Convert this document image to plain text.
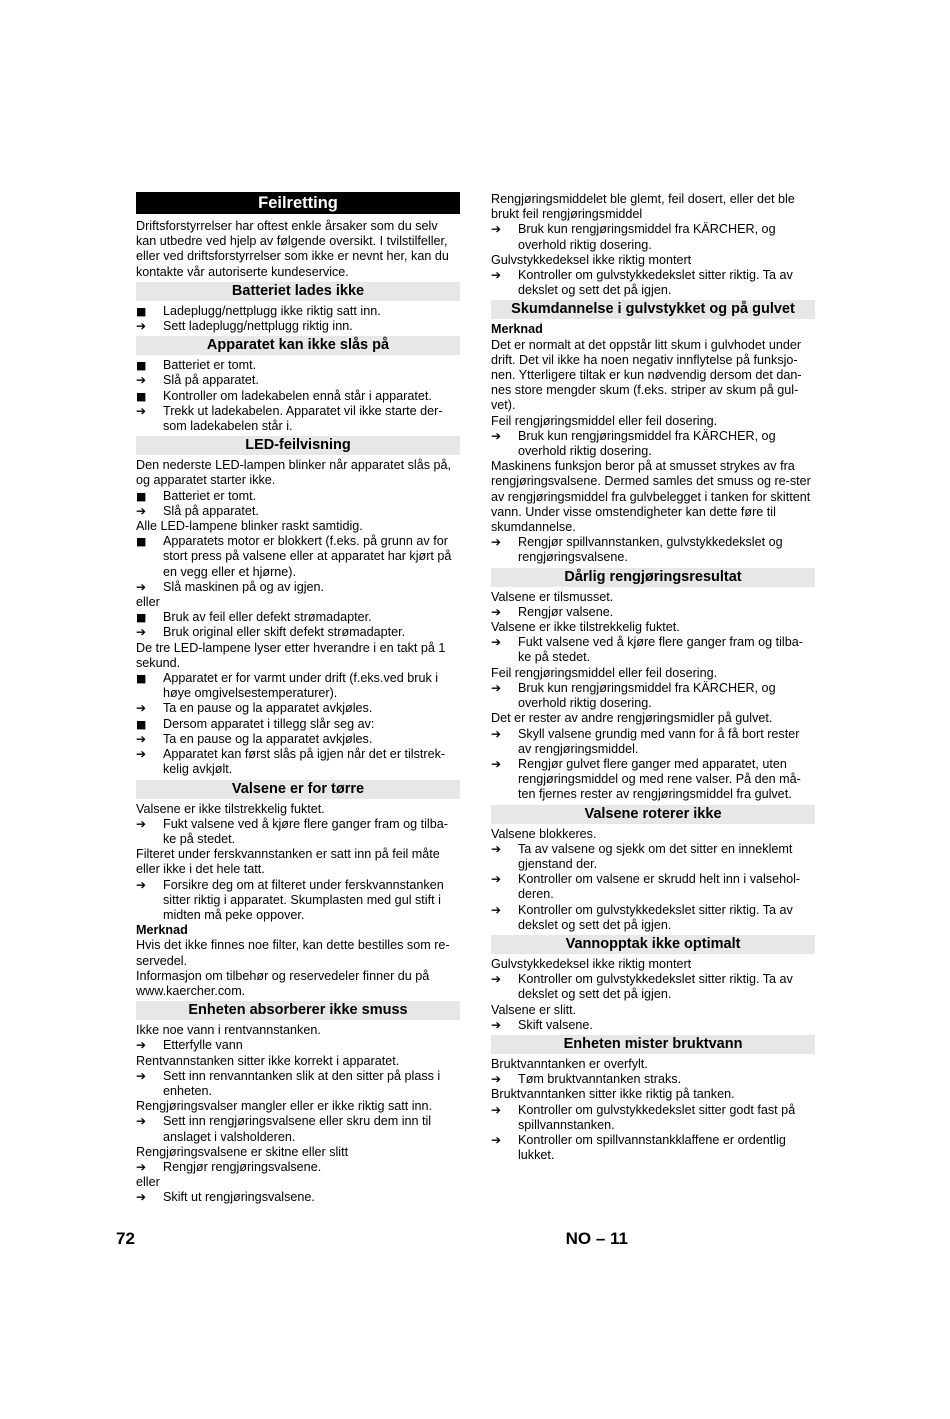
Feilretting
Driftsforstyrrelser har oftest enkle årsaker som du selv kan utbedre ved hjelp av følgende oversikt. I tvilstilfeller, eller ved driftsforstyrrelser som ikke er nevnt her, kan du kontakte vår autoriserte kundeservice.
Batteriet lades ikke
■	Ladeplugg/nettplugg ikke riktig satt inn.
➔	Sett ladeplugg/nettplugg riktig inn.
Apparatet kan ikke slås på
■	Batteriet er tomt.
➔	Slå på apparatet.
■	Kontroller om ladekabelen ennå står i apparatet.
➔	Trekk ut ladekabelen. Apparatet vil ikke starte der-som ladekabelen står i.
LED-feilvisning
Den nederste LED-lampen blinker når apparatet slås på, og apparatet starter ikke.
■	Batteriet er tomt.
➔	Slå på apparatet.
Alle LED-lampene blinker raskt samtidig.
■	Apparatets motor er blokkert (f.eks. på grunn av for stort press på valsene eller at apparatet har kjørt på en vegg eller et hjørne).
➔	Slå maskinen på og av igjen.
eller
■	Bruk av feil eller defekt strømadapter.
➔	Bruk original eller skift defekt strømadapter.
De tre LED-lampene lyser etter hverandre i en takt på 1 sekund.
■	Apparatet er for varmt under drift (f.eks.ved bruk i høye omgivelsestemperaturer).
➔	Ta en pause og la apparatet avkjøles.
■	Dersom apparatet i tillegg slår seg av:
➔	Ta en pause og la apparatet avkjøles.
➔	Apparatet kan først slås på igjen når det er tilstrek-kelig avkjølt.
Valsene er for tørre
Valsene er ikke tilstrekkelig fuktet.
➔	Fukt valsene ved å kjøre flere ganger fram og tilba-ke på stedet.
Filteret under ferskvannstanken er satt inn på feil måte eller ikke i det hele tatt.
➔	Forsikre deg om at filteret under ferskvannstanken sitter riktig i apparatet. Skumplasten med gul stift i midten må peke oppover.
Merknad
Hvis det ikke finnes noe filter, kan dette bestilles som re-servedel.
Informasjon om tilbehør og reservedeler finner du på www.kaercher.com.
Enheten absorberer ikke smuss
Ikke noe vann i rentvannstanken.
➔	Etterfylle vann
Rentvannstanken sitter ikke korrekt i apparatet.
➔	Sett inn renvanntanken slik at den sitter på plass i enheten.
Rengjøringsvalser mangler eller er ikke riktig satt inn.
➔	Sett inn rengjøringsvalsene eller skru dem inn til anslaget i valsholderen.
Rengjøringsvalsene er skitne eller slitt
➔	Rengjør rengjøringsvalsene.
eller
➔	Skift ut rengjøringsvalsene.
Rengjøringsmiddelet ble glemt, feil dosert, eller det ble brukt feil rengjøringsmiddel
➔	Bruk kun rengjøringsmiddel fra KÄRCHER, og overhold riktig dosering.
Gulvstykkedeksel ikke riktig montert
➔	Kontroller om gulvstykkedekslet sitter riktig. Ta av dekslet og sett det på igjen.
Skumdannelse i gulvstykket og på gulvet
Merknad
Det er normalt at det oppstår litt skum i gulvhodet under drift. Det vil ikke ha noen negativ innflytelse på funksjo-nen. Ytterligere tiltak er kun nødvendig dersom det dan-nes store mengder skum (f.eks. striper av skum på gul-vet).
Feil rengjøringsmiddel eller feil dosering.
➔	Bruk kun rengjøringsmiddel fra KÄRCHER, og overhold riktig dosering.
Maskinens funksjon beror på at smusset strykes av fra rengjøringsvalsene. Dermed samles det smuss og re-ster av rengjøringsmiddel fra gulvbelegget i tanken for skittent vann. Under visse omstendigheter kan dette føre til skumdannelse.
➔	Rengjør spillvannstanken, gulvstykkedekslet og rengjøringsvalsene.
Dårlig rengjøringsresultat
Valsene er tilsmusset.
➔	Rengjør valsene.
Valsene er ikke tilstrekkelig fuktet.
➔	Fukt valsene ved å kjøre flere ganger fram og tilba-ke på stedet.
Feil rengjøringsmiddel eller feil dosering.
➔	Bruk kun rengjøringsmiddel fra KÄRCHER, og overhold riktig dosering.
Det er rester av andre rengjøringsmidler på gulvet.
➔	Skyll valsene grundig med vann for å få bort rester av rengjøringsmiddel.
➔	Rengjør gulvet flere ganger med apparatet, uten rengjøringsmiddel og med rene valser. På den må-ten fjernes rester av rengjøringsmiddel fra gulvet.
Valsene roterer ikke
Valsene blokkeres.
➔	Ta av valsene og sjekk om det sitter en inneklemt gjenstand der.
➔	Kontroller om valsene er skrudd helt inn i valsehol-deren.
➔	Kontroller om gulvstykkedekslet sitter riktig. Ta av dekslet og sett det på igjen.
Vannopptak ikke optimalt
Gulvstykkedeksel ikke riktig montert
➔	Kontroller om gulvstykkedekslet sitter riktig. Ta av dekslet og sett det på igjen.
Valsene er slitt.
➔	Skift valsene.
Enheten mister bruktvann
Bruktvanntanken er overfylt.
➔	Tøm bruktvanntanken straks.
Bruktvanntanken sitter ikke riktig på tanken.
➔	Kontroller om gulvstykkedekslet sitter godt fast på spillvannstanken.
➔	Kontroller om spillvannstankklaffene er ordentlig lukket.
72	NO – 11
